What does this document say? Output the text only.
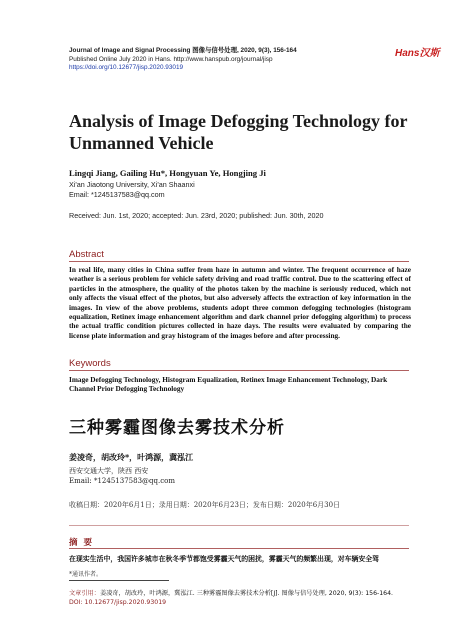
Journal of Image and Signal Processing 图像与信号处理, 2020, 9(3), 156-164
Published Online July 2020 in Hans. http://www.hanspub.org/journal/jisp
https://doi.org/10.12677/jisp.2020.93019
Hans汉斯
Analysis of Image Defogging Technology for Unmanned Vehicle
Lingqi Jiang, Gailing Hu*, Hongyuan Ye, Hongjing Ji
Xi'an Jiaotong University, Xi'an Shaanxi
Email: *1245137583@qq.com
Received: Jun. 1st, 2020; accepted: Jun. 23rd, 2020; published: Jun. 30th, 2020
Abstract
In real life, many cities in China suffer from haze in autumn and winter. The frequent occurrence of haze weather is a serious problem for vehicle safety driving and road traffic control. Due to the scattering effect of particles in the atmosphere, the quality of the photos taken by the machine is seriously reduced, which not only affects the visual effect of the photos, but also adversely affects the extraction of key information in the images. In view of the above problems, students adopt three common defogging technologies (histogram equalization, Retinex image enhancement algorithm and dark channel prior defogging algorithm) to process the actual traffic condition pictures collected in haze days. The results were evaluated by comparing the license plate information and gray histogram of the images before and after processing.
Keywords
Image Defogging Technology, Histogram Equalization, Retinex Image Enhancement Technology, Dark Channel Prior Defogging Technology
三种雾霾图像去雾技术分析
姜凌奇，胡改玲*，叶鸿源，冀泓江
西安交通大学，陕西 西安
Email: *1245137583@qq.com
收稿日期：2020年6月1日；录用日期：2020年6月23日；发布日期：2020年6月30日
摘要
在现实生活中，我国许多城市在秋冬季节都饱受雾霾天气的困扰，雾霾天气的频繁出现，对车辆安全驾
*通讯作者。
文章引用：姜凌奇，胡改玲，叶鸿源，冀泓江. 三种雾霾图像去雾技术分析[J]. 图像与信号处理, 2020, 9(3): 156-164.
DOI: 10.12677/jisp.2020.93019
